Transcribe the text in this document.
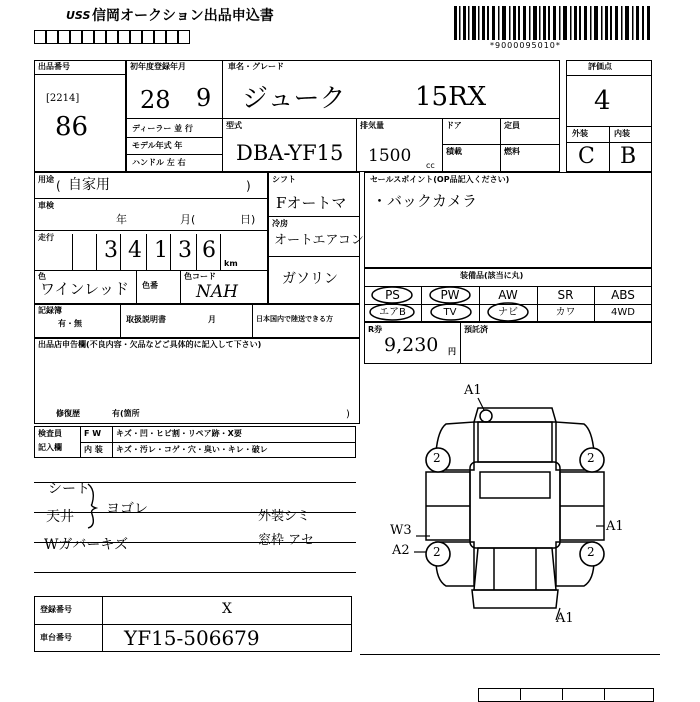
USS 信岡オークション出品申込書
*9000095010*
出品番号
[2214]
86
初年度登録年月	車名・グレード
28 9 ジューク	15RX
ディーラー 並 行
モデル年式 年
ハンドル 左 右
型式
DBA-YF15
排気量
1500 cc
ドア
積載
定員
燃料
評価点
4
外装	内装
C B
用途 ( 自家用	)
車検
年	月(	日)
走行
3 4 1 3 6
km
色
ワインレッド 色番
色コード
NAH
シフト
Fオートマ
冷房
オートエアコン
ガソリン
セールスポイント(OP品記入ください)
・バックカメラ
装備品(該当に丸)
PS	PW	AW	SR	ABS
エアB	TV	ナビ	カワ	4WD
R券
9,230 円
預託済
記録簿
有・無	取扱説明書	月	日本国内で陸送できる方
出品店申告欄(不良内容・欠品などご具体的に記入して下さい)
修復歴	有(箇所	)
検査員
記入欄
F W キズ・凹・ヒビ割・リペア跡・X要
内 装 キズ・汚レ・コゲ・穴・臭い・キレ・破レ
シート
天井 ヨゴレ
Wガバーキズ
外装シミ
窓枠 アセ
2	2
2	2
A1
A1
A1
W3
A2
登録番号	X
車台番号	YF15-506679
